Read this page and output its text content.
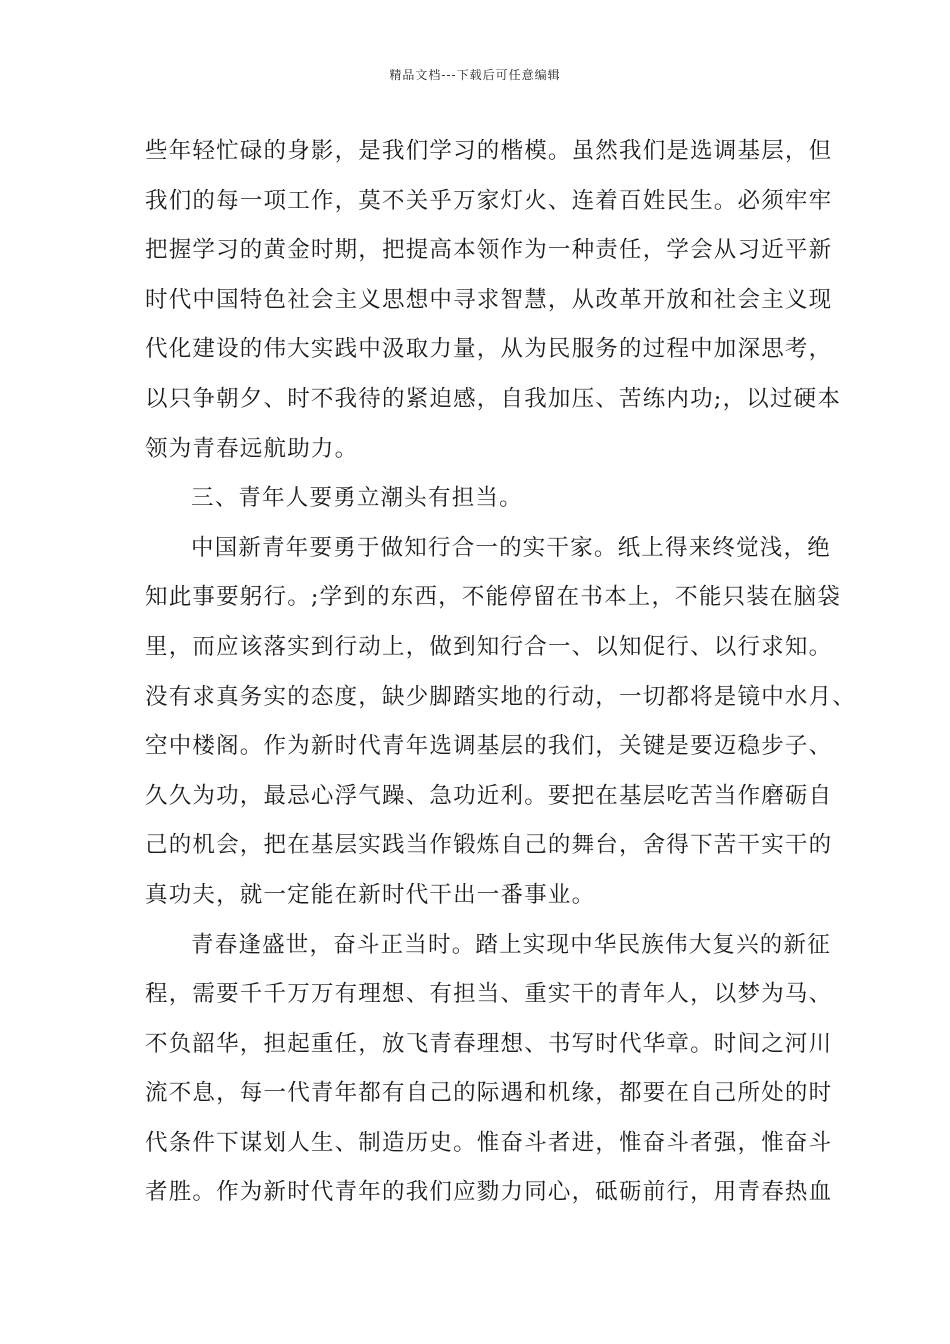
精品文档---下载后可任意编辑
些年轻忙碌的身影，是我们学习的楷模。虽然我们是选调基层，但
我们的每一项工作，莫不关乎万家灯火、连着百姓民生。必须牢牢
把握学习的黄金时期，把提高本领作为一种责任，学会从习近平新
时代中国特色社会主义思想中寻求智慧，从改革开放和社会主义现
代化建设的伟大实践中汲取力量，从为民服务的过程中加深思考，
以只争朝夕、时不我待的紧迫感，自我加压、苦练内功;，以过硬本
领为青春远航助力。
三、青年人要勇立潮头有担当。
中国新青年要勇于做知行合一的实干家。纸上得来终觉浅，绝
知此事要躬行。;学到的东西，不能停留在书本上，不能只装在脑袋
里，而应该落实到行动上，做到知行合一、以知促行、以行求知。
没有求真务实的态度，缺少脚踏实地的行动，一切都将是镜中水月、
空中楼阁。作为新时代青年选调基层的我们，关键是要迈稳步子、
久久为功，最忌心浮气躁、急功近利。要把在基层吃苦当作磨砺自
己的机会，把在基层实践当作锻炼自己的舞台，舍得下苦干实干的
真功夫，就一定能在新时代干出一番事业。
青春逢盛世，奋斗正当时。踏上实现中华民族伟大复兴的新征
程，需要千千万万有理想、有担当、重实干的青年人，以梦为马、
不负韶华，担起重任，放飞青春理想、书写时代华章。时间之河川
流不息，每一代青年都有自己的际遇和机缘，都要在自己所处的时
代条件下谋划人生、制造历史。惟奋斗者进，惟奋斗者强，惟奋斗
者胜。作为新时代青年的我们应勠力同心，砥砺前行，用青春热血
